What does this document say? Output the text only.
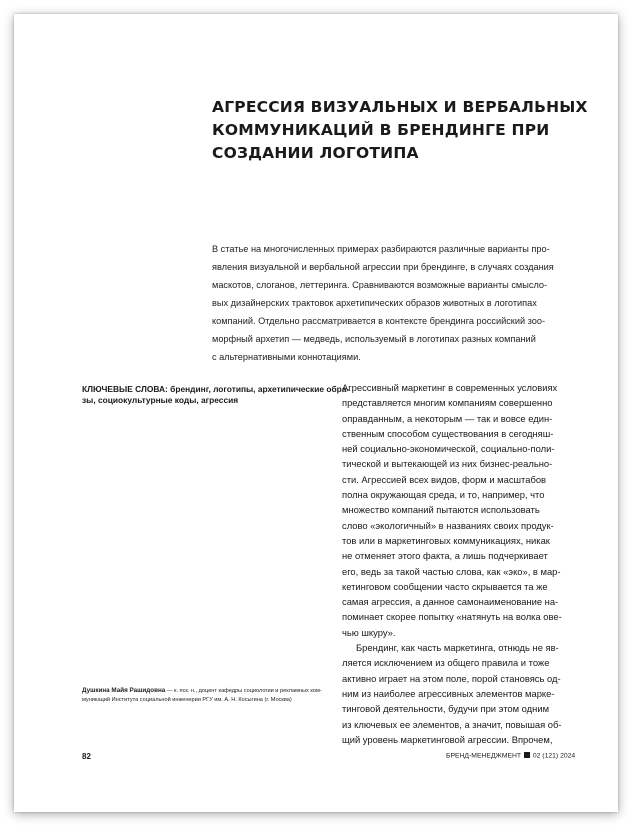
АГРЕССИЯ ВИЗУАЛЬНЫХ И ВЕРБАЛЬНЫХ
КОММУНИКАЦИЙ В БРЕНДИНГЕ ПРИ
СОЗДАНИИ ЛОГОТИПА
В статье на многочисленных примерах разбираются различные варианты про-
явления визуальной и вербальной агрессии при брендинге, в случаях создания
маскотов, слоганов, леттеринга. Сравниваются возможные варианты смысло-
вых дизайнерских трактовок архетипических образов животных в логотипах
компаний. Отдельно рассматривается в контексте брендинга российский зоо-
морфный архетип — медведь, используемый в логотипах разных компаний
с альтернативными коннотациями.
КЛЮЧЕВЫЕ СЛОВА: брендинг, логотипы, архетипические обра-
зы, социокультурные коды, агрессия
Агрессивный маркетинг в современных условиях
представляется многим компаниям совершенно
оправданным, а некоторым — так и вовсе един-
ственным способом существования в сегодняш-
ней социально-экономической, социально-поли-
тической и вытекающей из них бизнес-реально-
сти. Агрессией всех видов, форм и масштабов
полна окружающая среда, и то, например, что
множество компаний пытаются использовать
слово «экологичный» в названиях своих продук-
тов или в маркетинговых коммуникациях, никак
не отменяет этого факта, а лишь подчеркивает
его, ведь за такой частью слова, как «эко», в мар-
кетинговом сообщении часто скрывается та же
самая агрессия, а данное самонаименование на-
поминает скорее попытку «натянуть на волка ове-
чью шкуру».
Брендинг, как часть маркетинга, отнюдь не яв-
ляется исключением из общего правила и тоже
активно играет на этом поле, порой становясь од-
ним из наиболее агрессивных элементов марке-
тинговой деятельности, будучи при этом одним
из ключевых ее элементов, а значит, повышая об-
щий уровень маркетинговой агрессии. Впрочем,
Душкина Майя Рашидовна — к. пск. н., доцент кафедры социологии и рекламных ком-
муникаций Института социальной инженерии РГУ им. А. Н. Косыгина (г. Москва)
82	БРЕНД-МЕНЕДЖМЕНТ 02 (121) 2024
